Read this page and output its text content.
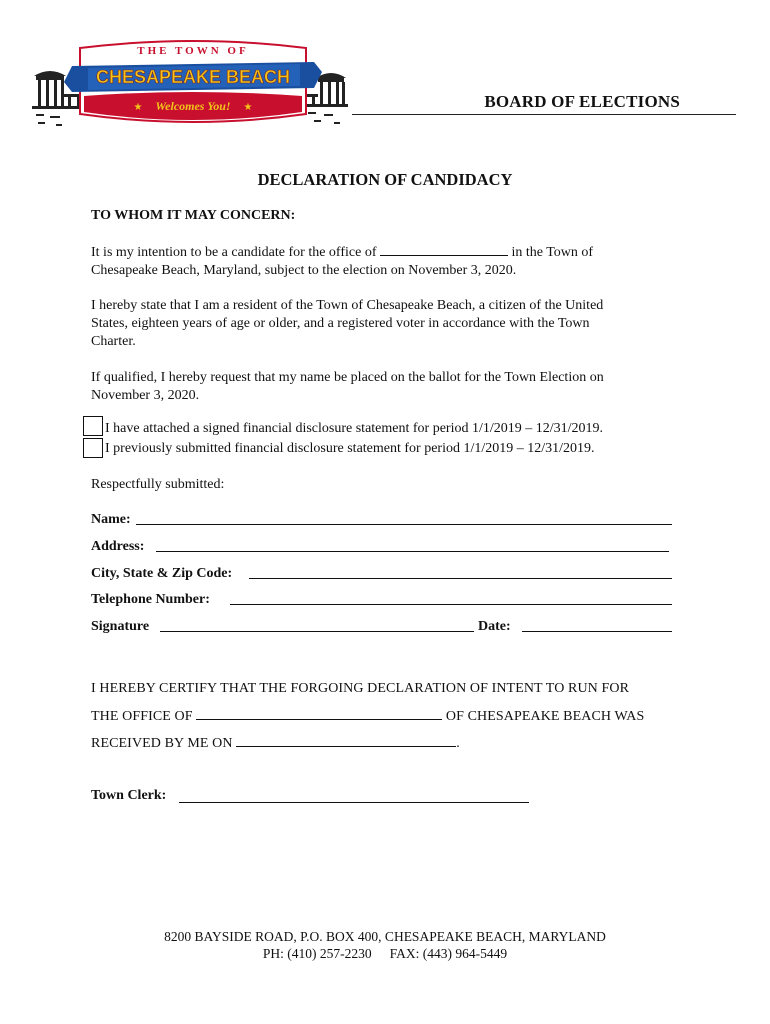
THE TOWN OF
CHESAPEAKE BEACH
Welcomes You!
★	★	BOARD OF ELECTIONS
DECLARATION OF CANDIDACY
TO WHOM IT MAY CONCERN:
It is my intention to be a candidate for the office of	in the Town of
Chesapeake Beach, Maryland, subject to the election on November 3, 2020.
I hereby state that I am a resident of the Town of Chesapeake Beach, a citizen of the United
States, eighteen years of age or older, and a registered voter in accordance with the Town
Charter.
If qualified, I hereby request that my name be placed on the ballot for the Town Election on
November 3, 2020.
I have attached a signed financial disclosure statement for period 1/1/2019 – 12/31/2019.
I previously submitted financial disclosure statement for period 1/1/2019 – 12/31/2019.
Respectfully submitted:
Name:
Address:
City, State & Zip Code:
Telephone Number:
Signature	Date:
I HEREBY CERTIFY THAT THE FORGOING DECLARATION OF INTENT TO RUN FOR
THE OFFICE OF	OF CHESAPEAKE BEACH WAS
RECEIVED BY ME ON	.
Town Clerk:
8200 BAYSIDE ROAD, P.O. BOX 400, CHESAPEAKE BEACH, MARYLAND
PH: (410) 257-2230 FAX: (443) 964-5449
